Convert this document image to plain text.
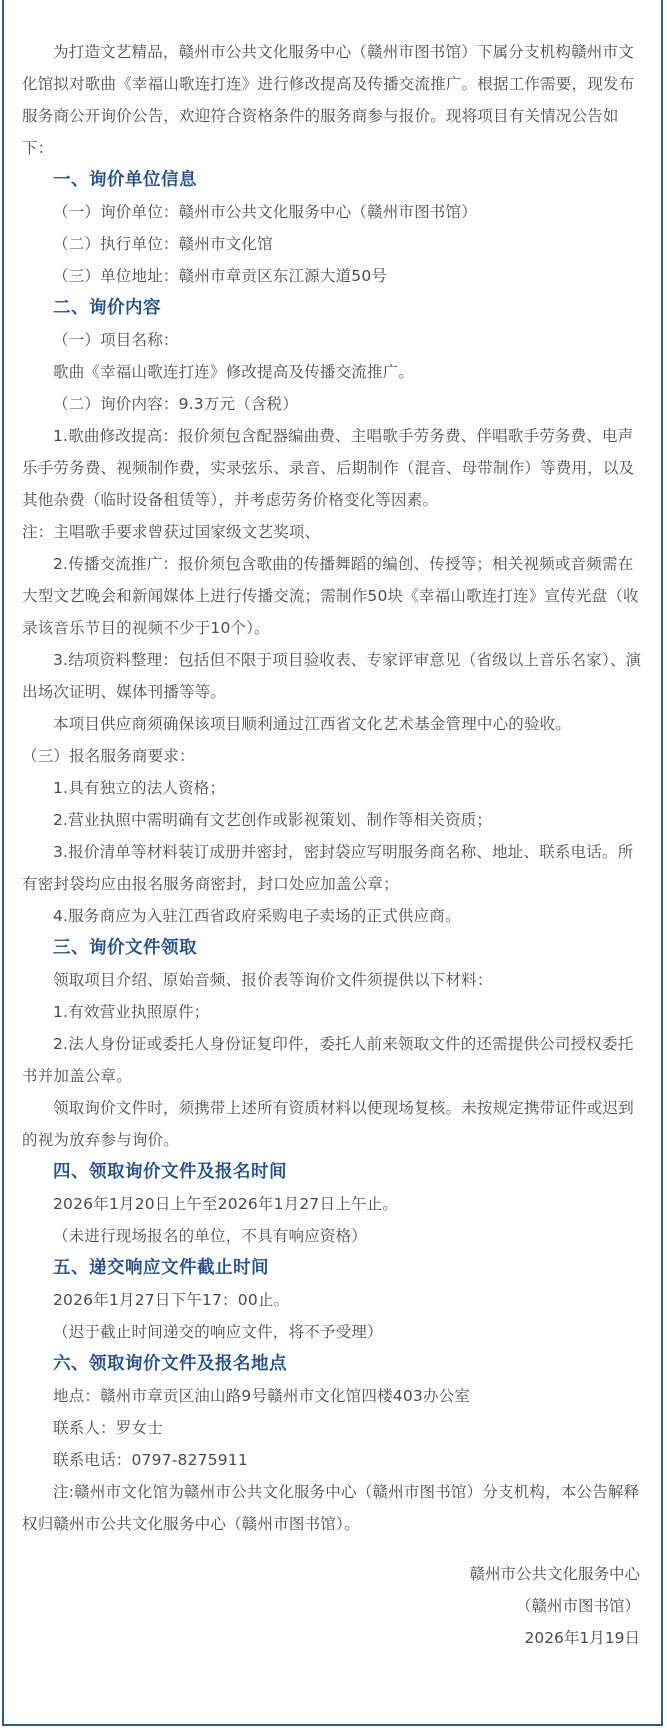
为打造文艺精品，赣州市公共文化服务中心（赣州市图书馆）下属分支机构赣州市文化馆拟对歌曲《幸福山歌连打连》进行修改提高及传播交流推广。根据工作需要，现发布服务商公开询价公告，欢迎符合资格条件的服务商参与报价。现将项目有关情况公告如下：

一、询价单位信息

（一）询价单位：赣州市公共文化服务中心（赣州市图书馆）

（二）执行单位：赣州市文化馆

（三）单位地址：赣州市章贡区东江源大道50号

二、询价内容

（一）项目名称：

歌曲《幸福山歌连打连》修改提高及传播交流推广。

（二）询价内容：9.3万元（含税）

1.歌曲修改提高：报价须包含配器编曲费、主唱歌手劳务费、伴唱歌手劳务费、电声乐手劳务费、视频制作费，实录弦乐、录音、后期制作（混音、母带制作）等费用，以及其他杂费（临时设备租赁等），并考虑劳务价格变化等因素。

注：主唱歌手要求曾获过国家级文艺奖项、

2.传播交流推广：报价须包含歌曲的传播舞蹈的编创、传授等；相关视频或音频需在大型文艺晚会和新闻媒体上进行传播交流；需制作50块《幸福山歌连打连》宣传光盘（收录该音乐节目的视频不少于10个）。

3.结项资料整理：包括但不限于项目验收表、专家评审意见（省级以上音乐名家）、演出场次证明、媒体刊播等等。

本项目供应商须确保该项目顺利通过江西省文化艺术基金管理中心的验收。

（三）报名服务商要求：

1.具有独立的法人资格；

2.营业执照中需明确有文艺创作或影视策划、制作等相关资质；

3.报价清单等材料装订成册并密封，密封袋应写明服务商名称、地址、联系电话。所有密封袋均应由报名服务商密封，封口处应加盖公章；

4.服务商应为入驻江西省政府采购电子卖场的正式供应商。

三、询价文件领取

领取项目介绍、原始音频、报价表等询价文件须提供以下材料：

1.有效营业执照原件；

2.法人身份证或委托人身份证复印件，委托人前来领取文件的还需提供公司授权委托书并加盖公章。

领取询价文件时，须携带上述所有资质材料以便现场复核。未按规定携带证件或迟到的视为放弃参与询价。

四、领取询价文件及报名时间

2026年1月20日上午至2026年1月27日上午止。

（未进行现场报名的单位，不具有响应资格）

五、递交响应文件截止时间

2026年1月27日下午17：00止。

（迟于截止时间递交的响应文件，将不予受理）

六、领取询价文件及报名地点

地点：赣州市章贡区油山路9号赣州市文化馆四楼403办公室

联系人：罗女士

联系电话：0797-8275911

注:赣州市文化馆为赣州市公共文化服务中心（赣州市图书馆）分支机构，本公告解释权归赣州市公共文化服务中心（赣州市图书馆）。

赣州市公共文化服务中心

（赣州市图书馆）

2026年1月19日
